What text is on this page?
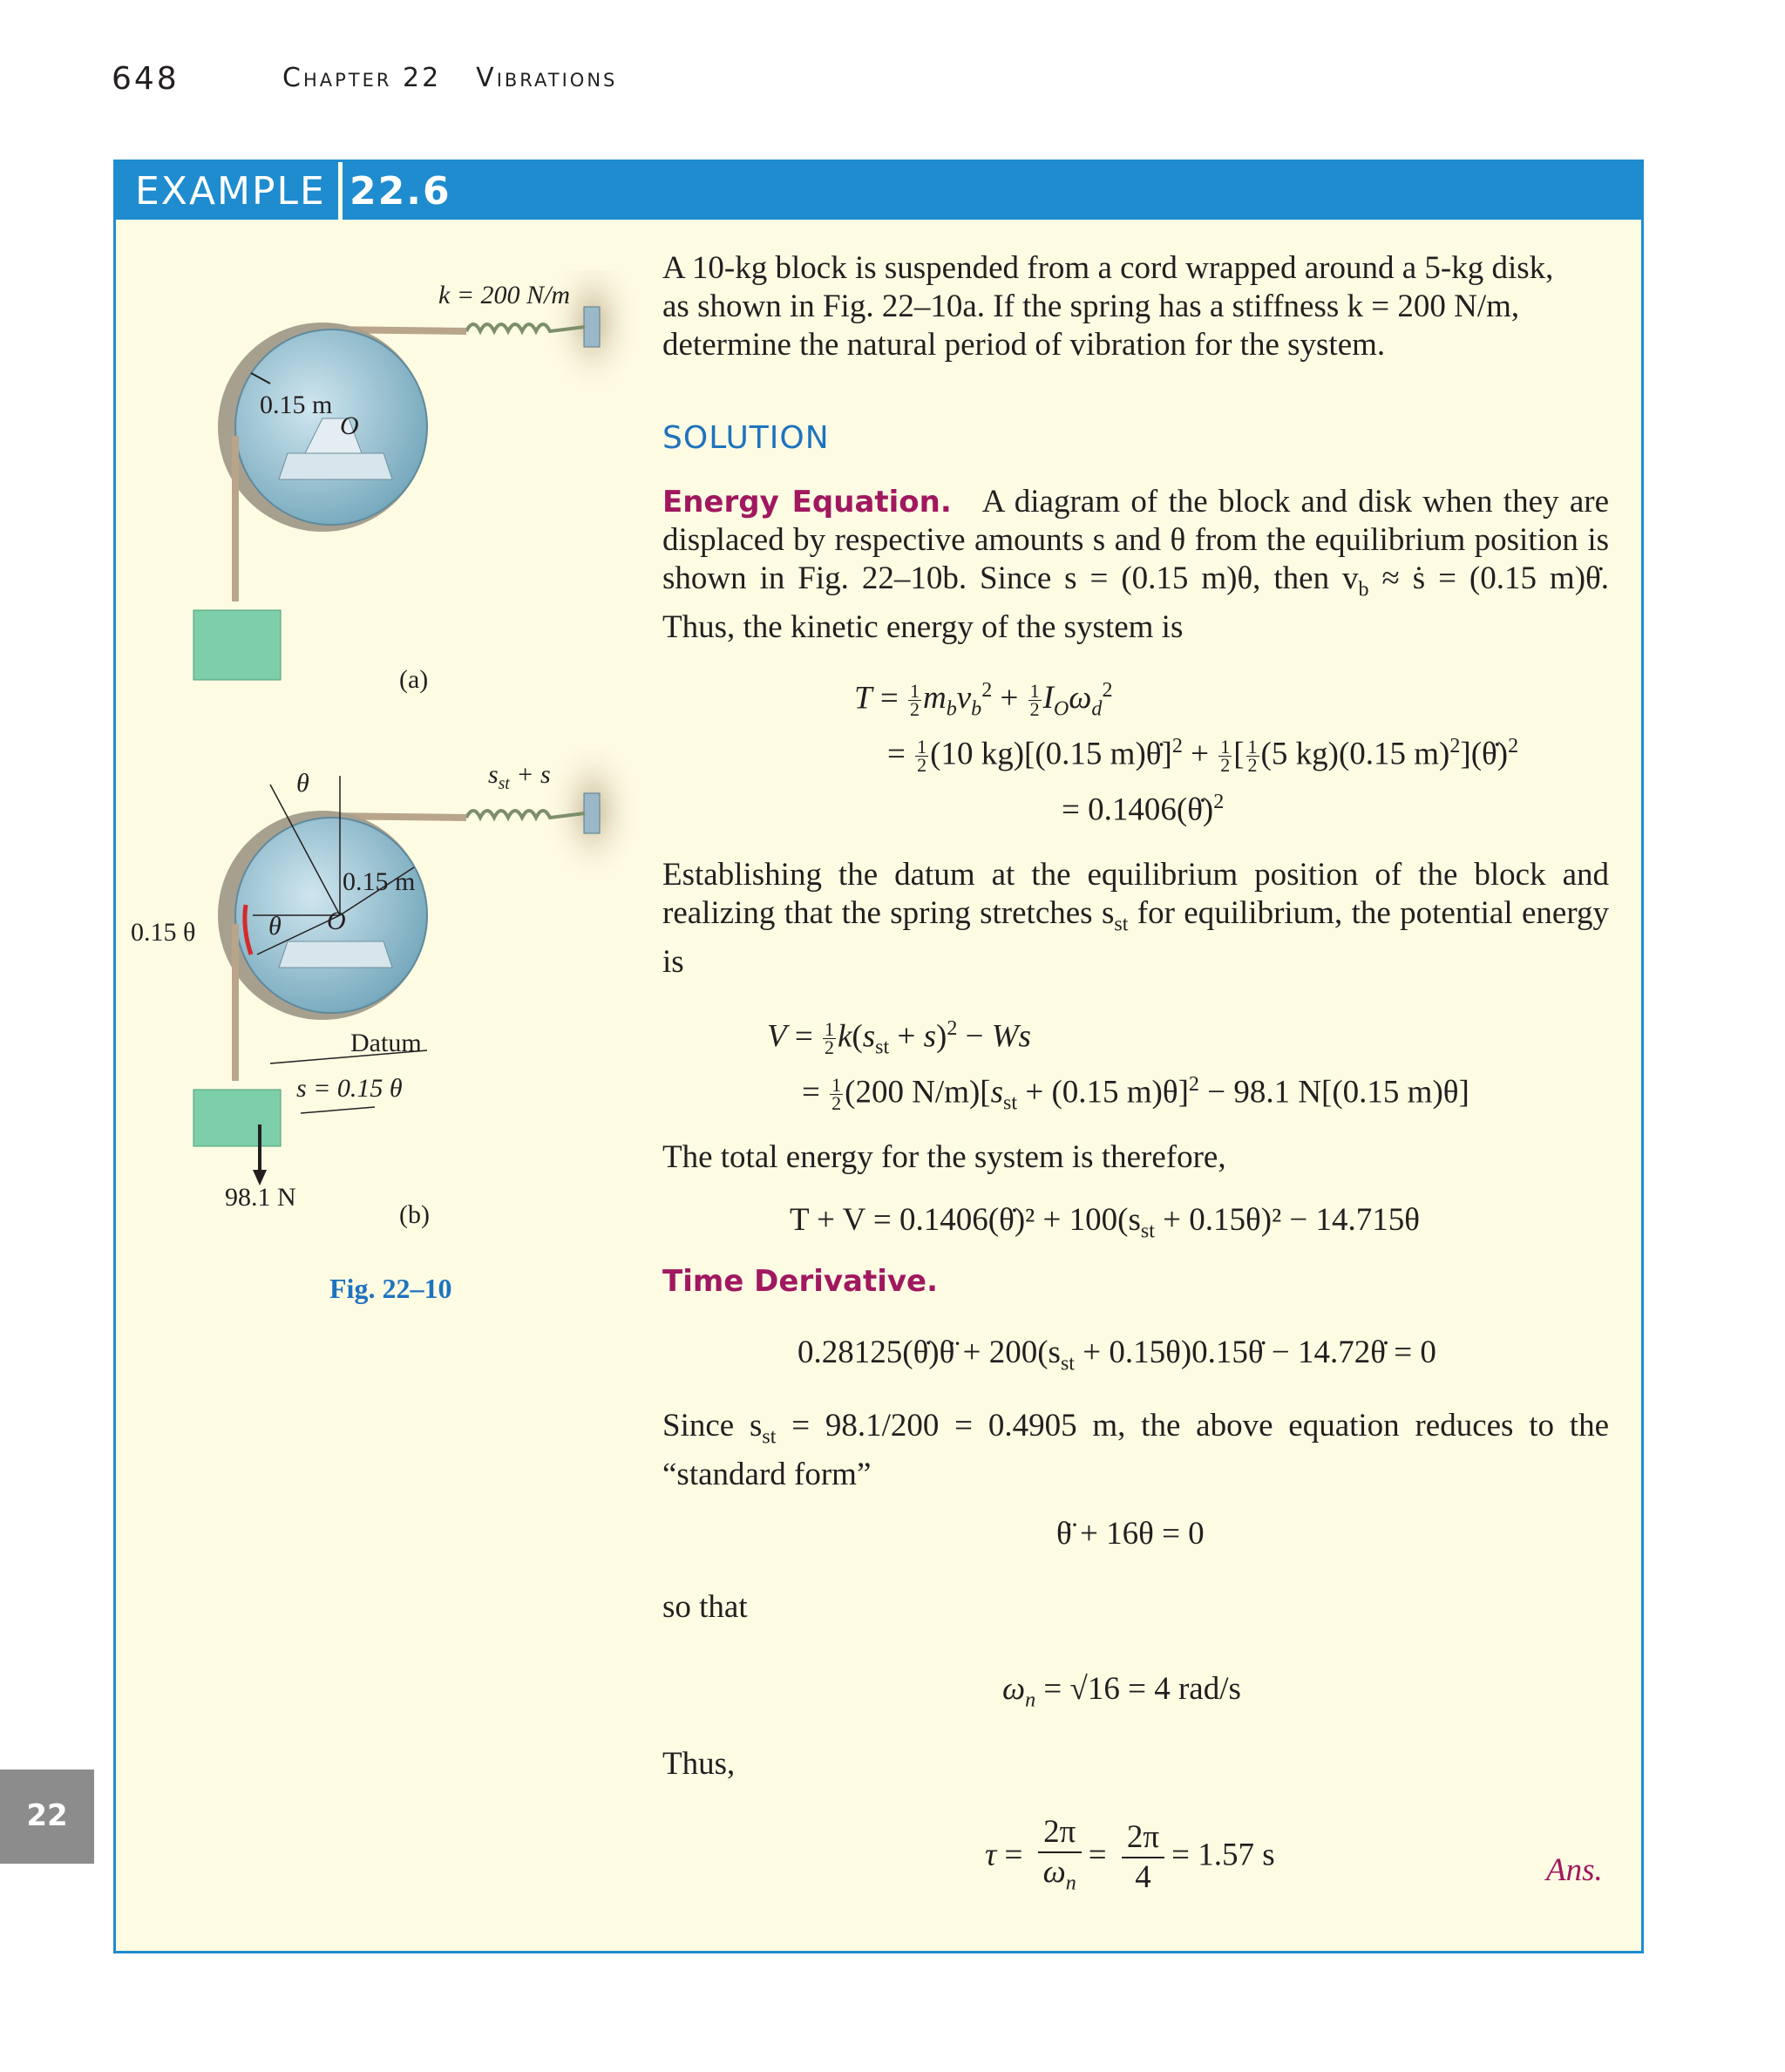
648	Chapter 22 Vibrations
EXAMPLE 22.6
22
k = 200 N/m
0.15 m
O
(a)
θ	$s_{st} + s$
0.15 m
0.15 θ	θ O
Datum
s = 0.15 θ
98.1 N
(b)
Fig. 22–10
A 10-kg block is suspended from a cord wrapped around a 5-kg disk,
as shown in Fig. 22–10a. If the spring has a stiffness k = 200 N/m,
determine the natural period of vibration for the system.
SOLUTION
Energy Equation. A diagram of the block and disk when they are displaced by respective amounts s and θ from the equilibrium position is shown in Fig. 22–10b. Since s = (0.15 m)θ, then $v_b$ ≈ ṡ = (0.15 m)θ̇. Thus, the kinetic energy of the system is
$T = \frac{1}{2} m_bv_b^2 + \frac{1}{2} I_O\omega_d^2$
= $\frac{1}{2} (10$ kg)[(0.15 m)θ̇]$^2$ + $\frac{1}{2}$ [ $\frac{1}{2} (5$ kg)(0.15 m)$^2$](θ̇)$^2$
= 0.1406(θ̇)$^2$
Establishing the datum at the equilibrium position of the block and realizing that the spring stretches $s_{st}$ for equilibrium, the potential energy is
$V = \frac{1}{2} k(s_{st} + s)^2 - Ws$
= $\frac{1}{2} (200$ $N/m)[s_{st} + (0.15$ m)θ]$^2$ − 98.1 N[(0.15 m)θ]
The total energy for the system is therefore,
T + V = 0.1406(θ̇)² + $100(s_{st} + 0.15\theta)^2 - 14.715\theta$
Time Derivative.
0.28125(θ̇)θ̈ + $200(s_{st}$ + 0.15θ)0.15θ̇ − 14.72θ̇ = 0
Since $s_{st} = 98.1/200 = 0.4905$ m, the above equation reduces to the “standard form”
θ̈ + 16θ = 0
so that
$\omega_n = √16 = 4$ rad/s
Thus,
$\tau = \frac{2\pi}{\omega_n} = \frac{2\pi}{4} = 1.57$ s	Ans.
